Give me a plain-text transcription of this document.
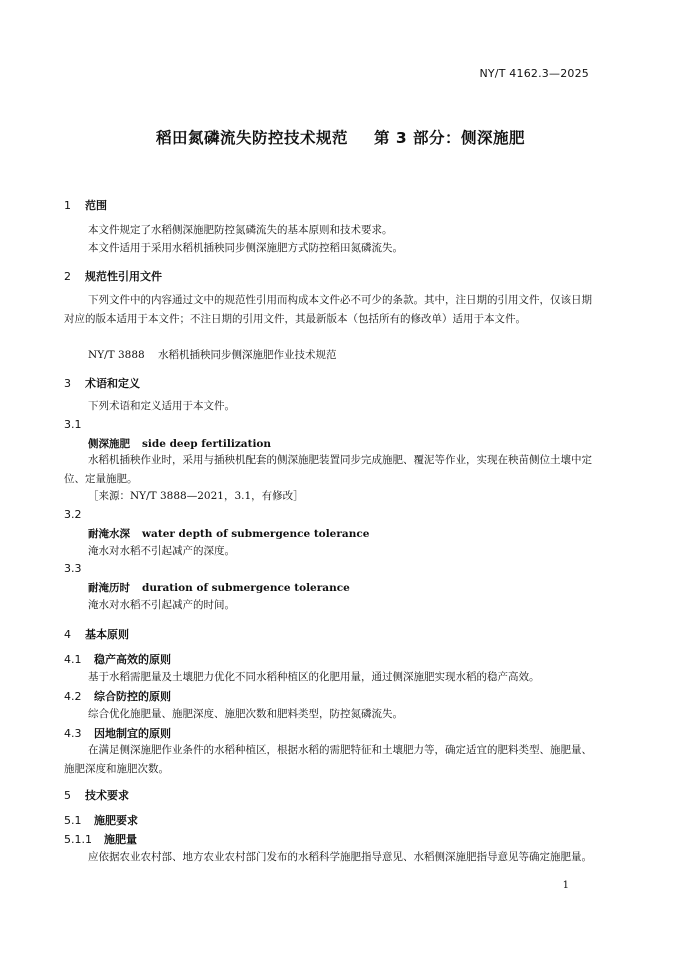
NY/T 4162.3—2025
稻田氮磷流失防控技术规范 第 3 部分：侧深施肥
1 范围
本文件规定了水稻侧深施肥防控氮磷流失的基本原则和技术要求。
本文件适用于采用水稻机插秧同步侧深施肥方式防控稻田氮磷流失。
2 规范性引用文件
下列文件中的内容通过文中的规范性引用而构成本文件必不可少的条款。其中，注日期的引用文件，仅该日期对应的版本适用于本文件；不注日期的引用文件，其最新版本（包括所有的修改单）适用于本文件。
NY/T 3888 水稻机插秧同步侧深施肥作业技术规范
3 术语和定义
下列术语和定义适用于本文件。
3.1
侧深施肥 side deep fertilization
水稻机插秧作业时，采用与插秧机配套的侧深施肥装置同步完成施肥、覆泥等作业，实现在秧苗侧位土壤中定位、定量施肥。
［来源：NY/T 3888—2021，3.1，有修改］
3.2
耐淹水深 water depth of submergence tolerance
淹水对水稻不引起减产的深度。
3.3
耐淹历时 duration of submergence tolerance
淹水对水稻不引起减产的时间。
4 基本原则
4.1 稳产高效的原则
基于水稻需肥量及土壤肥力优化不同水稻种植区的化肥用量，通过侧深施肥实现水稻的稳产高效。
4.2 综合防控的原则
综合优化施肥量、施肥深度、施肥次数和肥料类型，防控氮磷流失。
4.3 因地制宜的原则
在满足侧深施肥作业条件的水稻种植区，根据水稻的需肥特征和土壤肥力等，确定适宜的肥料类型、施肥量、施肥深度和施肥次数。
5 技术要求
5.1 施肥要求
5.1.1 施肥量
应依据农业农村部、地方农业农村部门发布的水稻科学施肥指导意见、水稻侧深施肥指导意见等确定施肥量。
1
